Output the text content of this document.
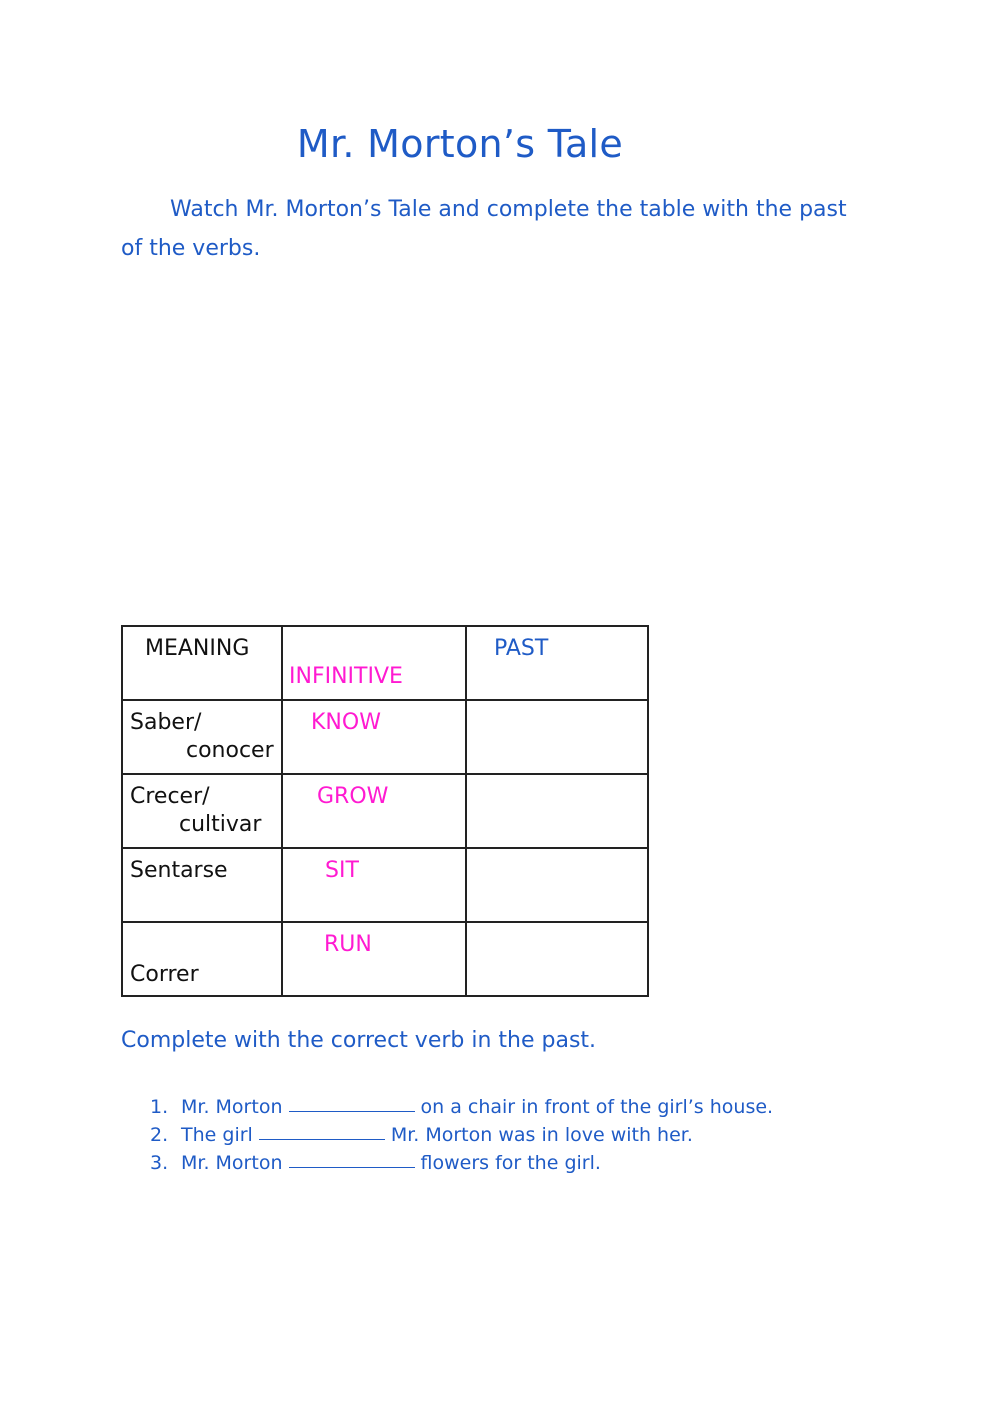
Mr. Morton’s Tale
Watch Mr. Morton’s Tale and complete the table with the past
of the verbs.
MEANING	INFINITIVE	PAST

Saber/
conocer	KNOW	

Crecer/
cultivar	GROW	

Sentarse	SIT	

Correr	RUN	

Complete with the correct verb in the past.
1. Mr. Morton	on a chair in front of the girl’s house.
2. The girl	Mr. Morton was in love with her.
3. Mr. Morton	flowers for the girl.
